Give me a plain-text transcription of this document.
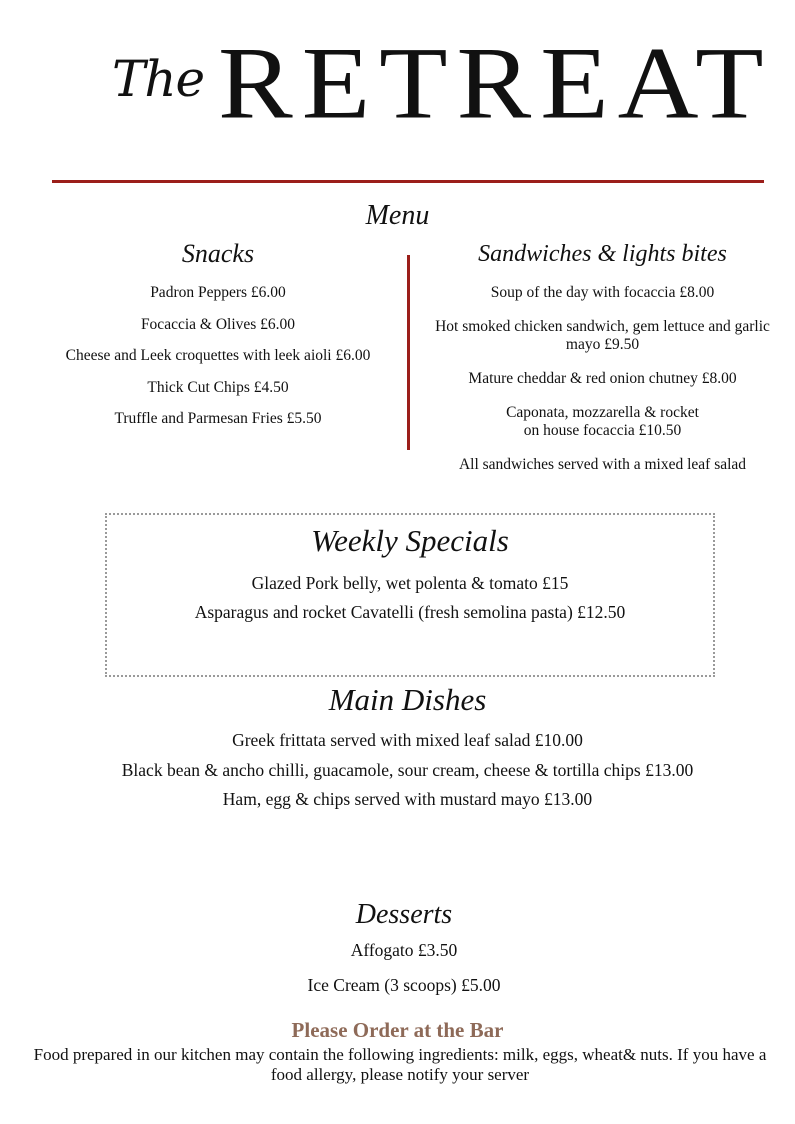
The RETREAT
Menu
Snacks
Padron Peppers £6.00
Focaccia & Olives £6.00
Cheese and Leek croquettes with leek aioli £6.00
Thick Cut Chips £4.50
Truffle and Parmesan Fries £5.50
Sandwiches & lights bites
Soup of the day with focaccia £8.00
Hot smoked chicken sandwich, gem lettuce and garlic mayo £9.50
Mature cheddar & red onion chutney £8.00
Caponata, mozzarella & rocket
on house focaccia £10.50
All sandwiches served with a mixed leaf salad
Weekly Specials
Glazed Pork belly, wet polenta & tomato £15
Asparagus and rocket Cavatelli (fresh semolina pasta) £12.50
Main Dishes
Greek frittata served with mixed leaf salad £10.00
Black bean & ancho chilli, guacamole, sour cream, cheese & tortilla chips £13.00
Ham, egg & chips served with mustard mayo £13.00
Desserts
Affogato £3.50
Ice Cream (3 scoops) £5.00
Please Order at the Bar
Food prepared in our kitchen may contain the following ingredients: milk, eggs, wheat& nuts. If you have a food allergy, please notify your server
